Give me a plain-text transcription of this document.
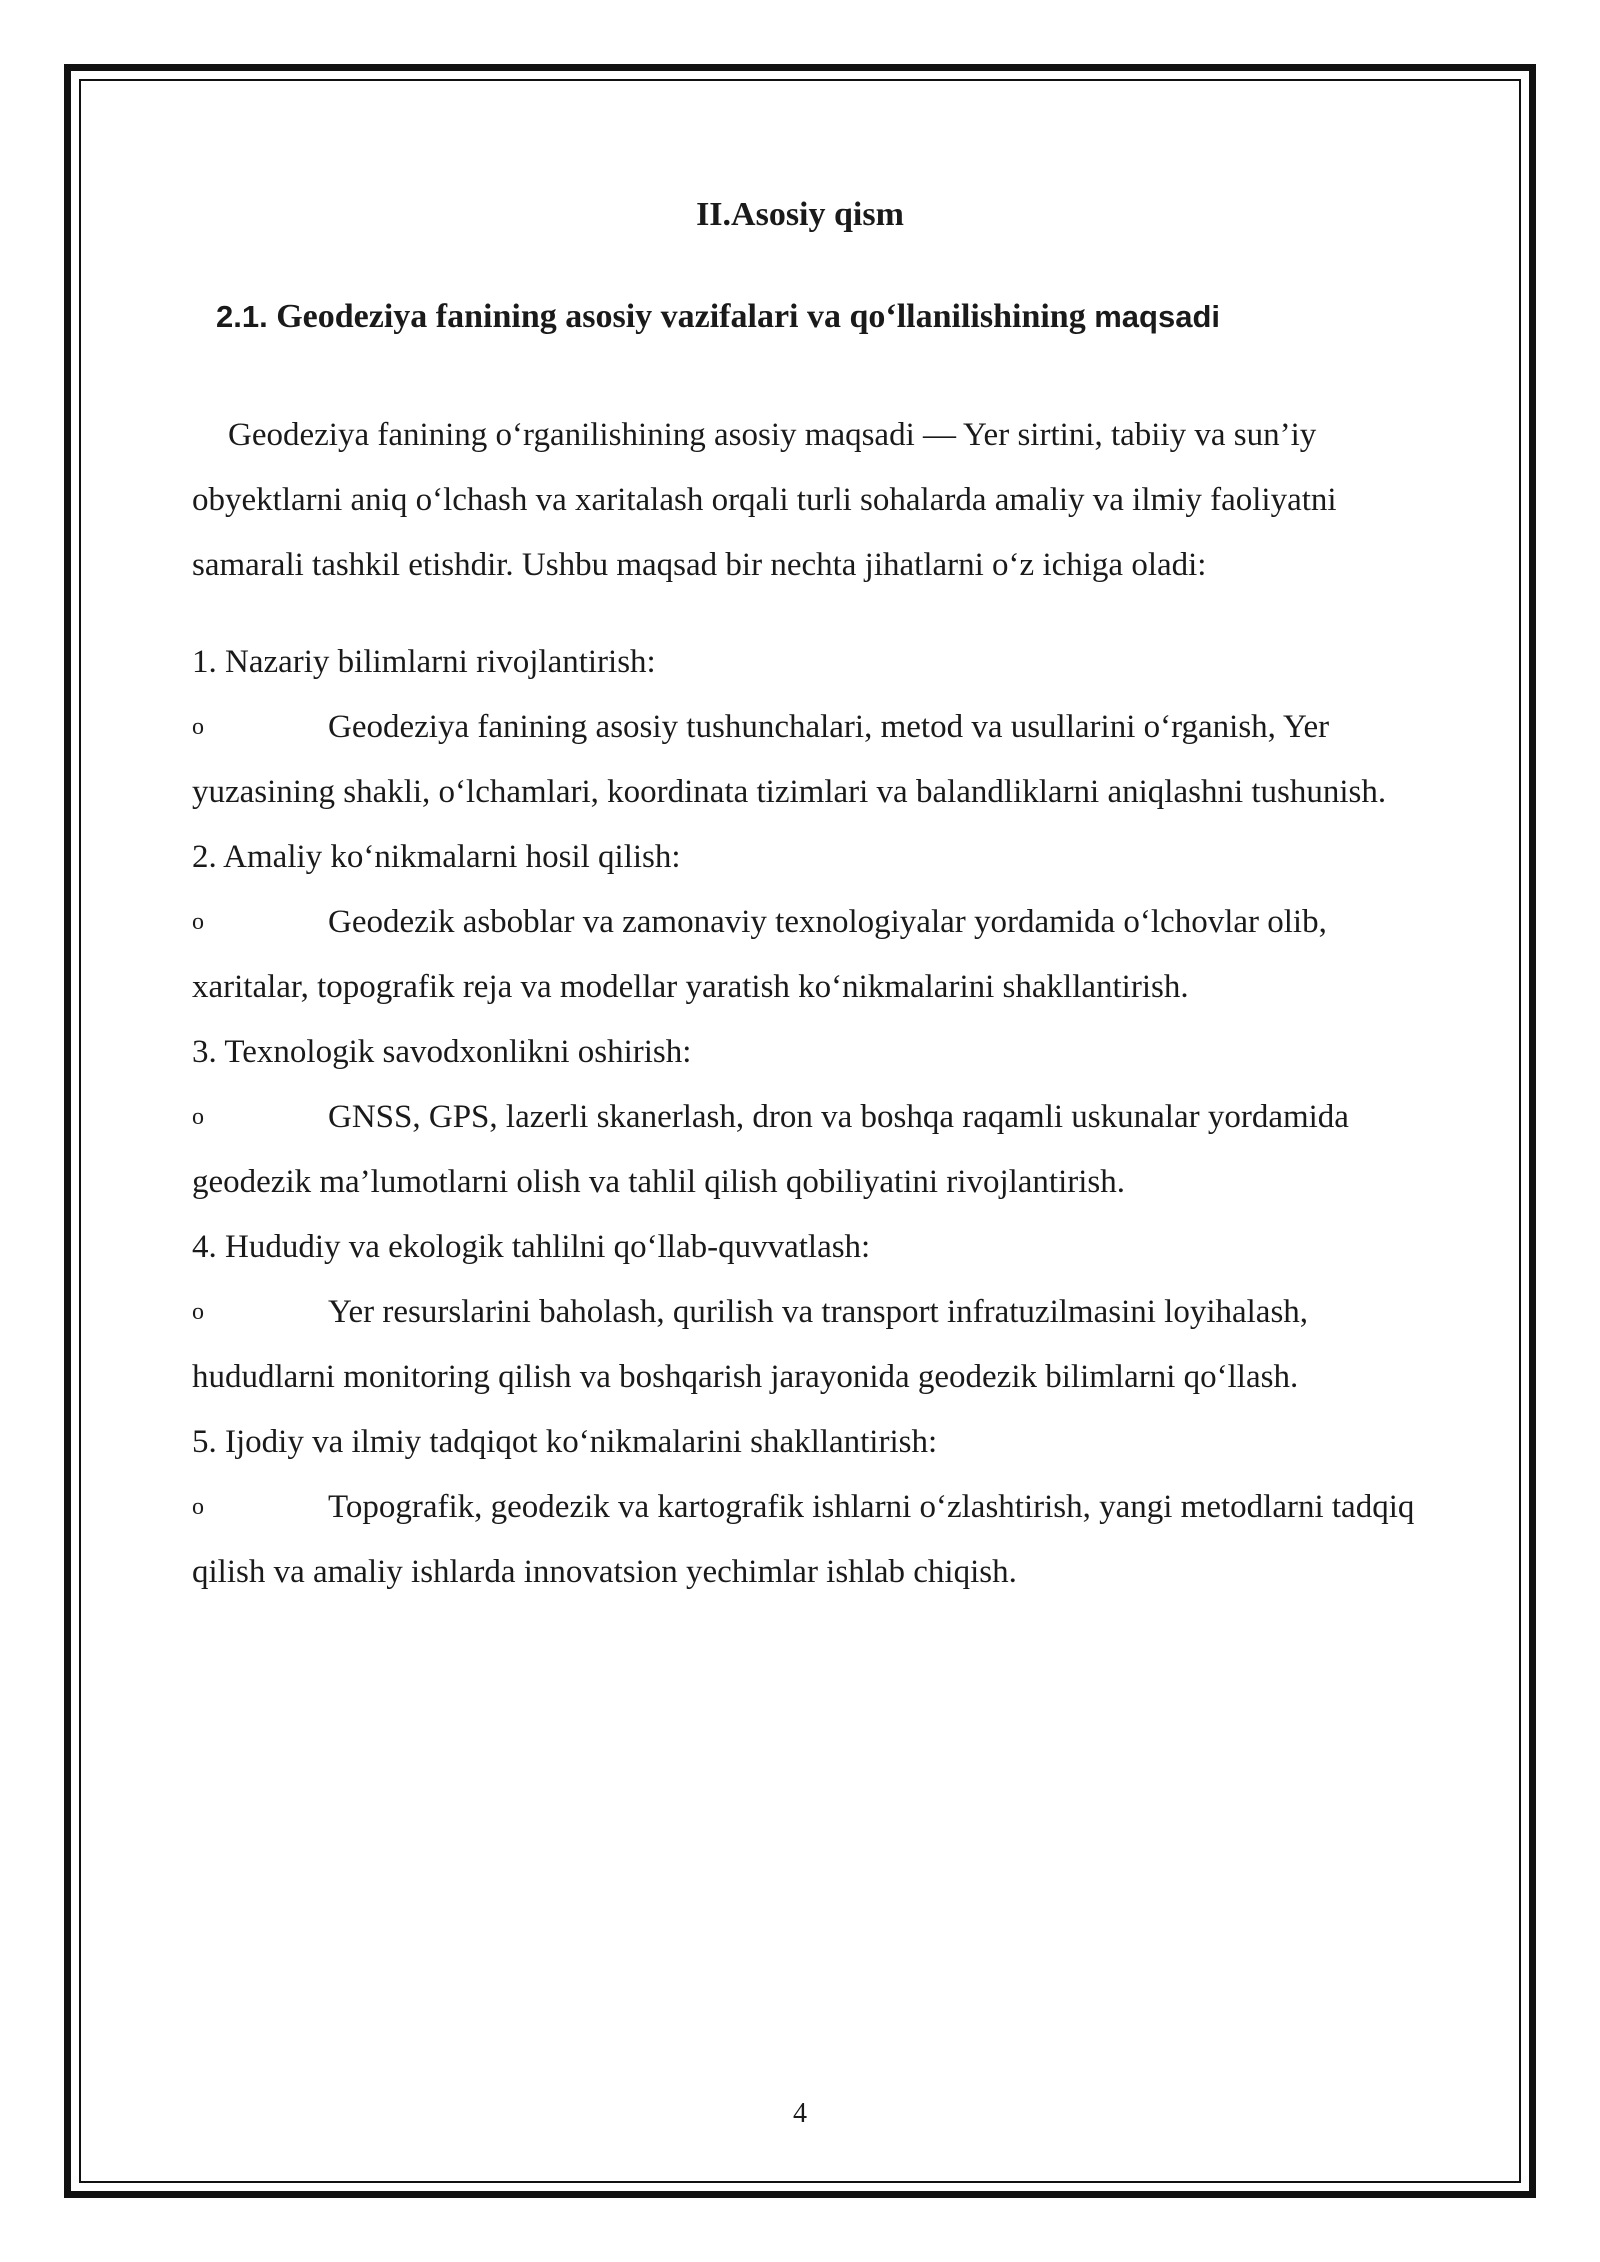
II.Asosiy qism
2.1. Geodeziya fanining asosiy vazifalari va qo‘llanilishining maqsadi

Geodeziya fanining o‘rganilishining asosiy maqsadi — Yer sirtini, tabiiy va sun’iy obyektlarni aniq o‘lchash va xaritalash orqali turli sohalarda amaliy va ilmiy faoliyatni samarali tashkil etishdir. Ushbu maqsad bir nechta jihatlarni o‘z ichiga oladi:

1. Nazariy bilimlarni rivojlantirish:

o	Geodeziya fanining asosiy tushunchalari, metod va usullarini o‘rganish, Yer yuzasining shakli, o‘lchamlari, koordinata tizimlari va balandliklarni aniqlashni tushunish.

2. Amaliy ko‘nikmalarni hosil qilish:

o	Geodezik asboblar va zamonaviy texnologiyalar yordamida o‘lchovlar olib, xaritalar, topografik reja va modellar yaratish ko‘nikmalarini shakllantirish.

3. Texnologik savodxonlikni oshirish:

o	GNSS, GPS, lazerli skanerlash, dron va boshqa raqamli uskunalar yordamida geodezik ma’lumotlarni olish va tahlil qilish qobiliyatini rivojlantirish.

4. Hududiy va ekologik tahlilni qo‘llab-quvvatlash:

o	Yer resurslarini baholash, qurilish va transport infratuzilmasini loyihalash, hududlarni monitoring qilish va boshqarish jarayonida geodezik bilimlarni qo‘llash.

5. Ijodiy va ilmiy tadqiqot ko‘nikmalarini shakllantirish:

o	Topografik, geodezik va kartografik ishlarni o‘zlashtirish, yangi metodlarni tadqiq qilish va amaliy ishlarda innovatsion yechimlar ishlab chiqish.

4
